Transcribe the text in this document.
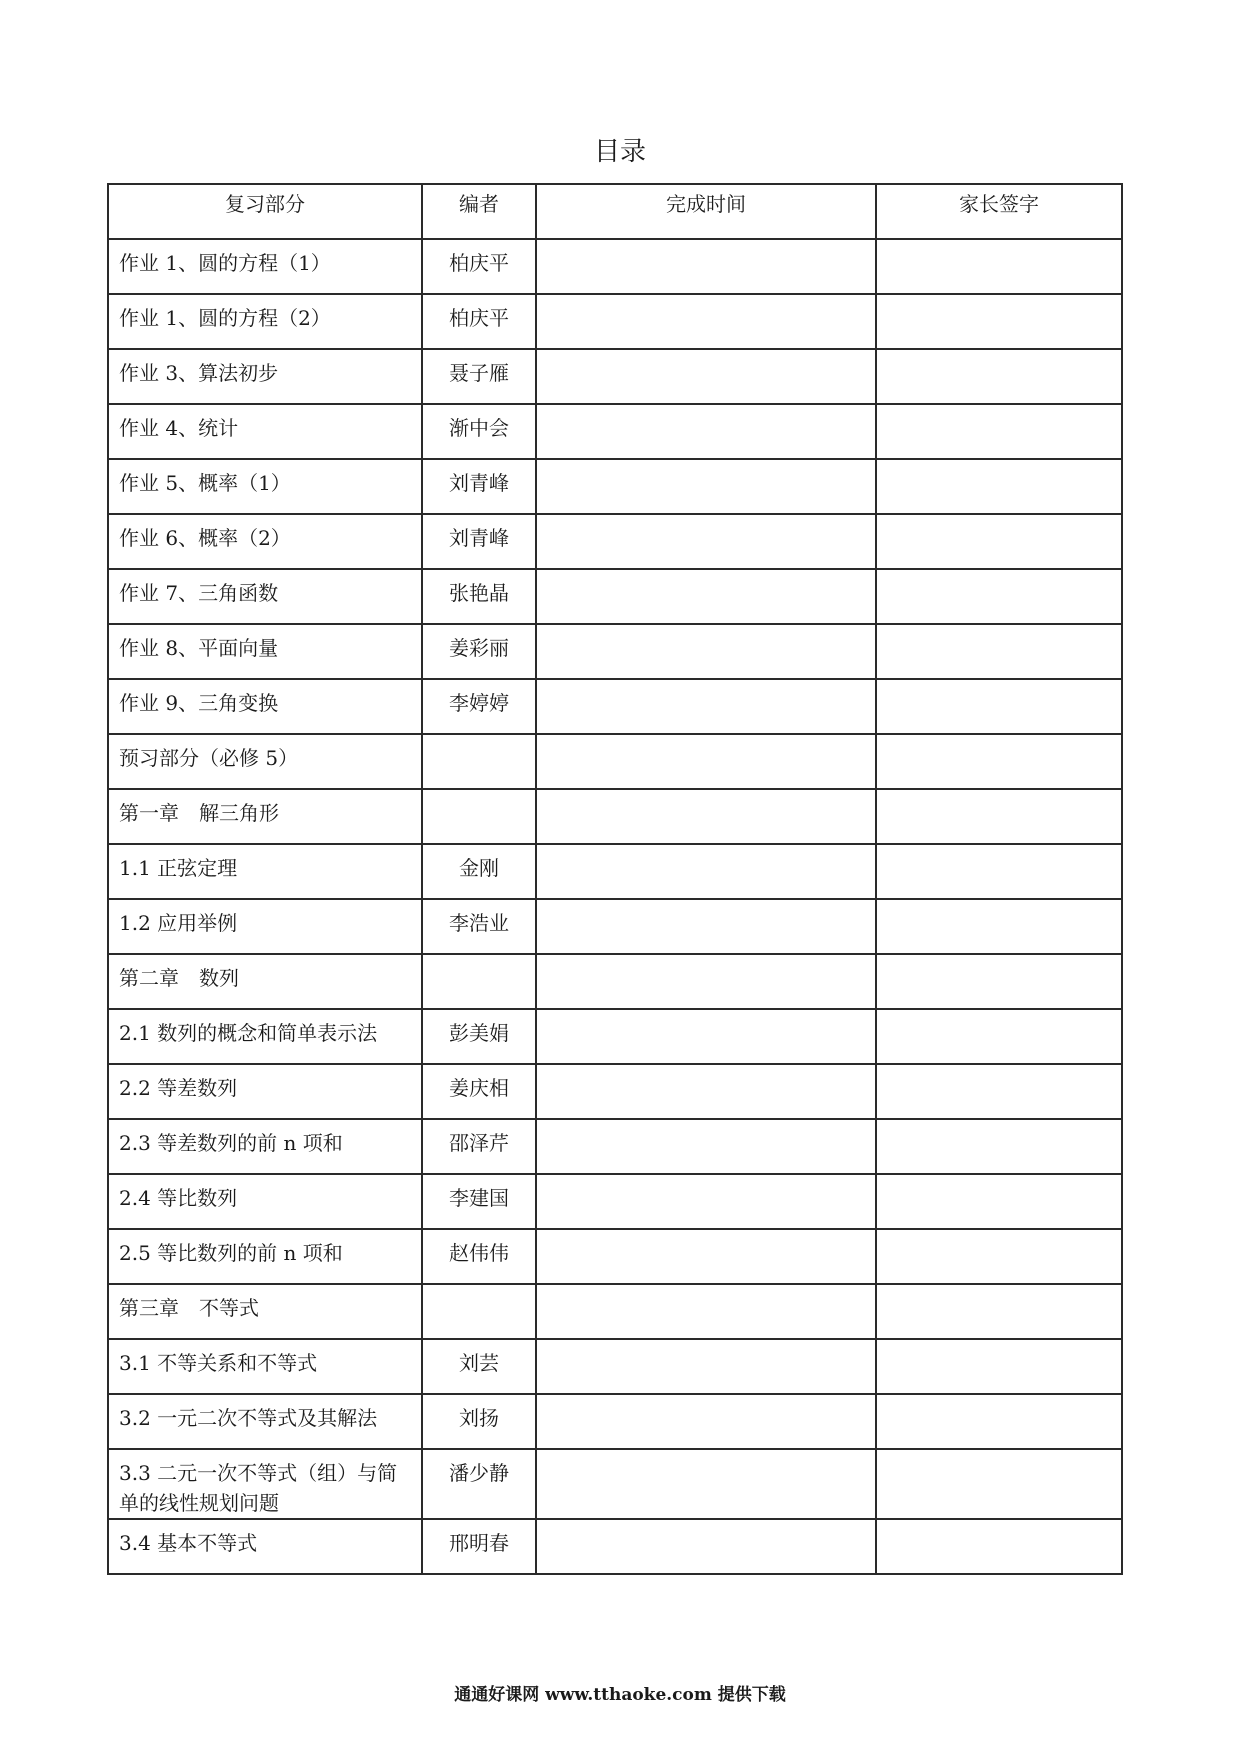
目录
复习部分	编者	完成时间	家长签字
作业 1、圆的方程（1）	柏庆平		
作业 1、圆的方程（2）	柏庆平		
作业 3、算法初步	聂子雁		
作业 4、统计	渐中会		
作业 5、概率（1）	刘青峰		
作业 6、概率（2）	刘青峰		
作业 7、三角函数	张艳晶		
作业 8、平面向量	姜彩丽		
作业 9、三角变换	李婷婷		
预习部分（必修 5）			
第一章　解三角形			
1.1 正弦定理	金刚		
1.2 应用举例	李浩业		
第二章　数列			
2.1 数列的概念和简单表示法	彭美娟		
2.2 等差数列	姜庆相		
2.3 等差数列的前 n 项和	邵泽芹		
2.4 等比数列	李建国		
2.5 等比数列的前 n 项和	赵伟伟		
第三章　不等式			
3.1 不等关系和不等式	刘芸		
3.2 一元二次不等式及其解法	刘扬		
3.3 二元一次不等式（组）与简单的线性规划问题	潘少静		
3.4 基本不等式	邢明春		
通通好课网 www.tthaoke.com 提供下载
